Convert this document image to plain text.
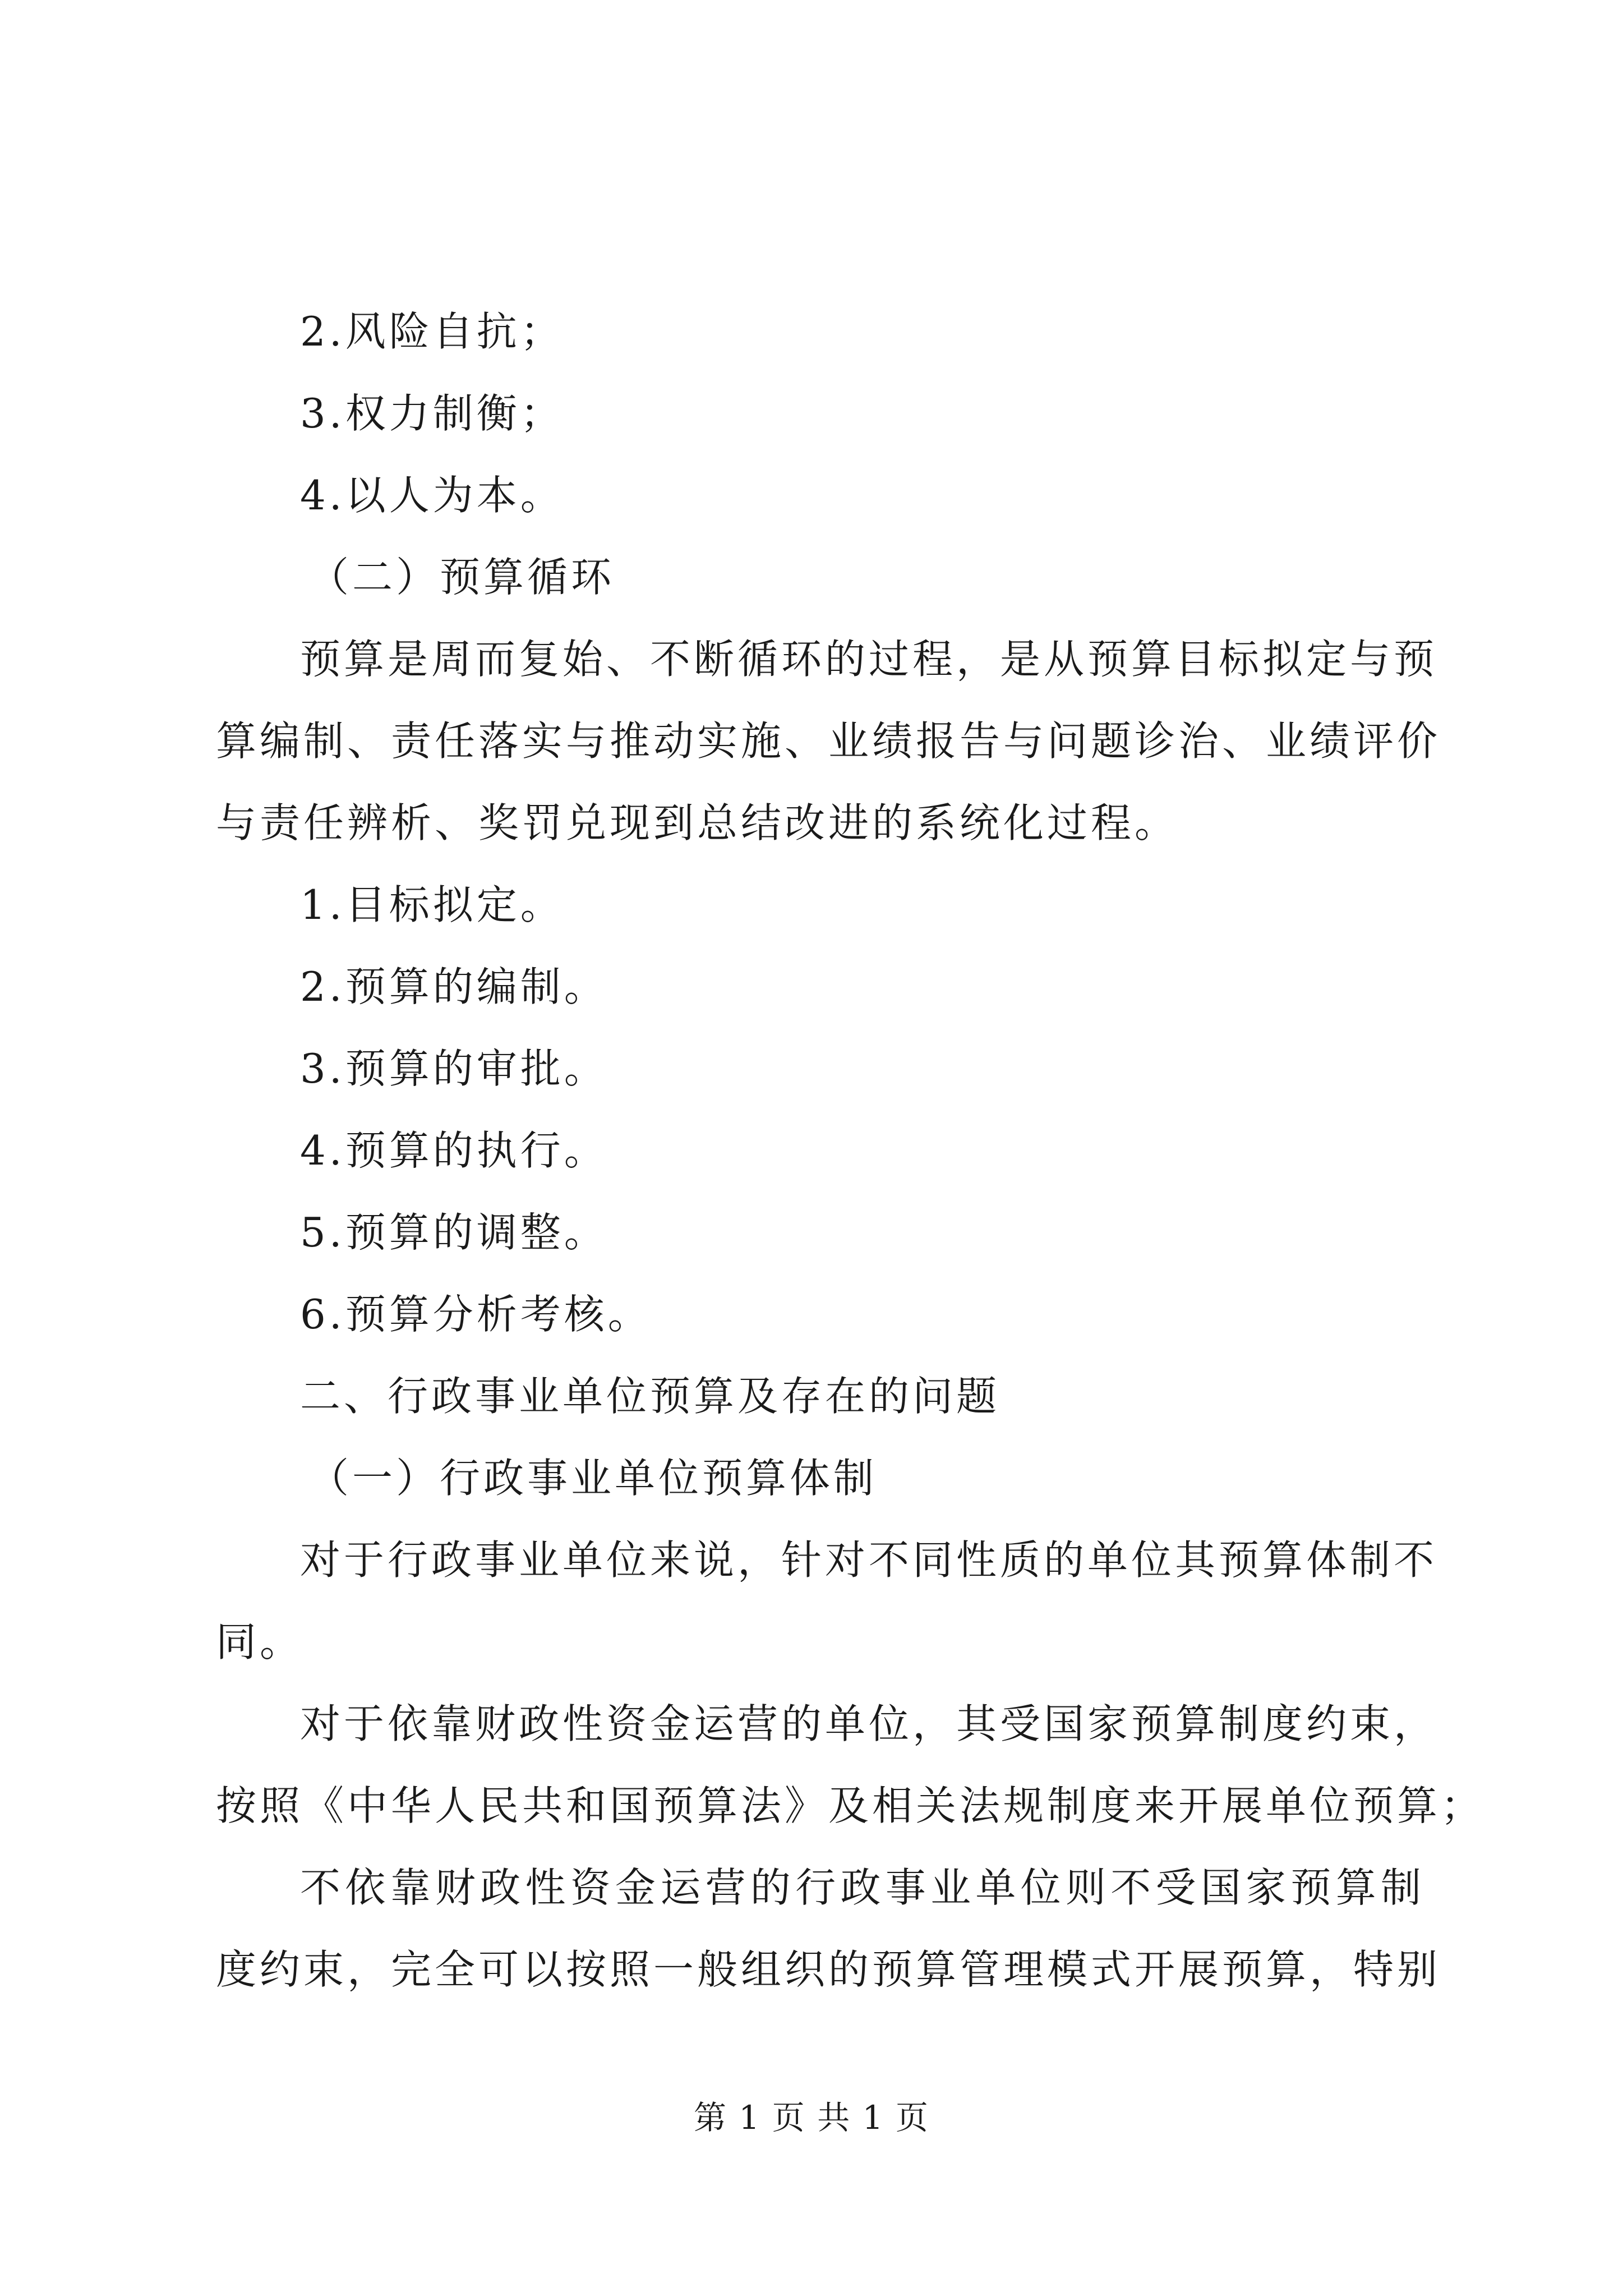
2.风险自抗；
3.权力制衡；
4.以人为本。
（二）预算循环
预算是周而复始、不断循环的过程，是从预算目标拟定与预
算编制、责任落实与推动实施、业绩报告与问题诊治、业绩评价
与责任辨析、奖罚兑现到总结改进的系统化过程。
1.目标拟定。
2.预算的编制。
3.预算的审批。
4.预算的执行。
5.预算的调整。
6.预算分析考核。
二、行政事业单位预算及存在的问题
（一）行政事业单位预算体制
对于行政事业单位来说，针对不同性质的单位其预算体制不
同。
对于依靠财政性资金运营的单位，其受国家预算制度约束，
按照《中华人民共和国预算法》及相关法规制度来开展单位预算；
不依靠财政性资金运营的行政事业单位则不受国家预算制
度约束，完全可以按照一般组织的预算管理模式开展预算，特别
第 1 页 共 1 页
